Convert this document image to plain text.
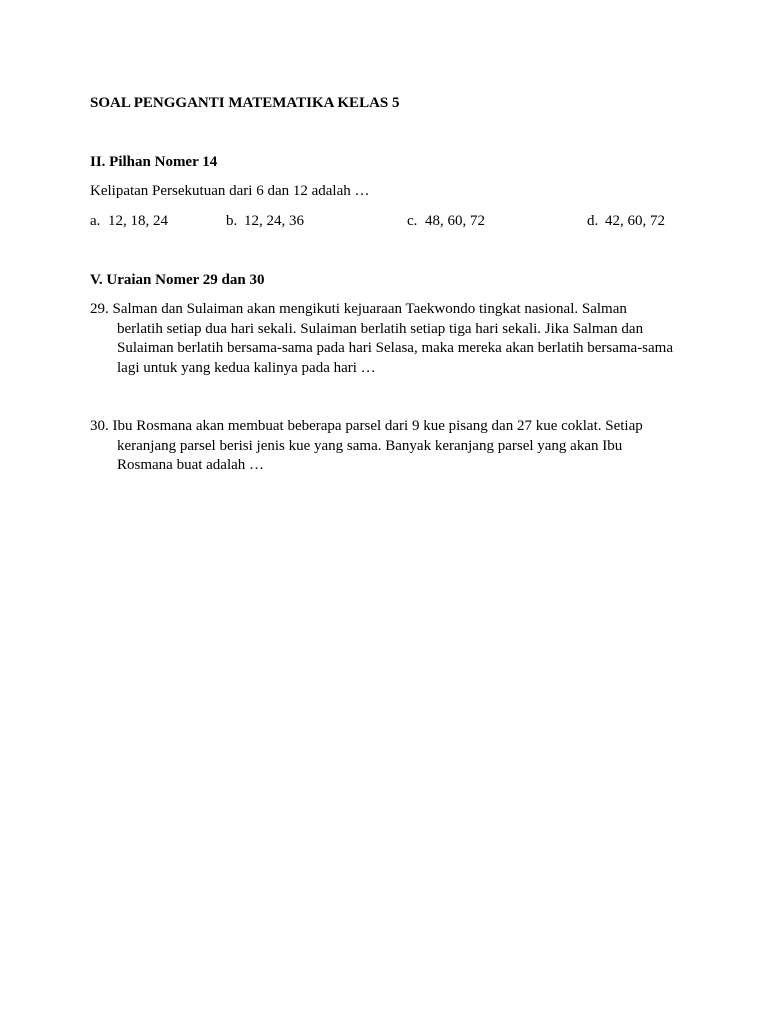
SOAL PENGGANTI MATEMATIKA KELAS 5
II. Pilhan Nomer 14
Kelipatan Persekutuan dari 6 dan 12 adalah …
a. 12, 18, 24	b. 12, 24, 36	c. 48, 60, 72	d. 42, 60, 72
V. Uraian Nomer 29 dan 30
29. Salman dan Sulaiman akan mengikuti kejuaraan Taekwondo tingkat nasional. Salman
berlatih setiap dua hari sekali. Sulaiman berlatih setiap tiga hari sekali. Jika Salman dan
Sulaiman berlatih bersama-sama pada hari Selasa, maka mereka akan berlatih bersama-sama
lagi untuk yang kedua kalinya pada hari …
30. Ibu Rosmana akan membuat beberapa parsel dari 9 kue pisang dan 27 kue coklat. Setiap
keranjang parsel berisi jenis kue yang sama. Banyak keranjang parsel yang akan Ibu
Rosmana buat adalah …
